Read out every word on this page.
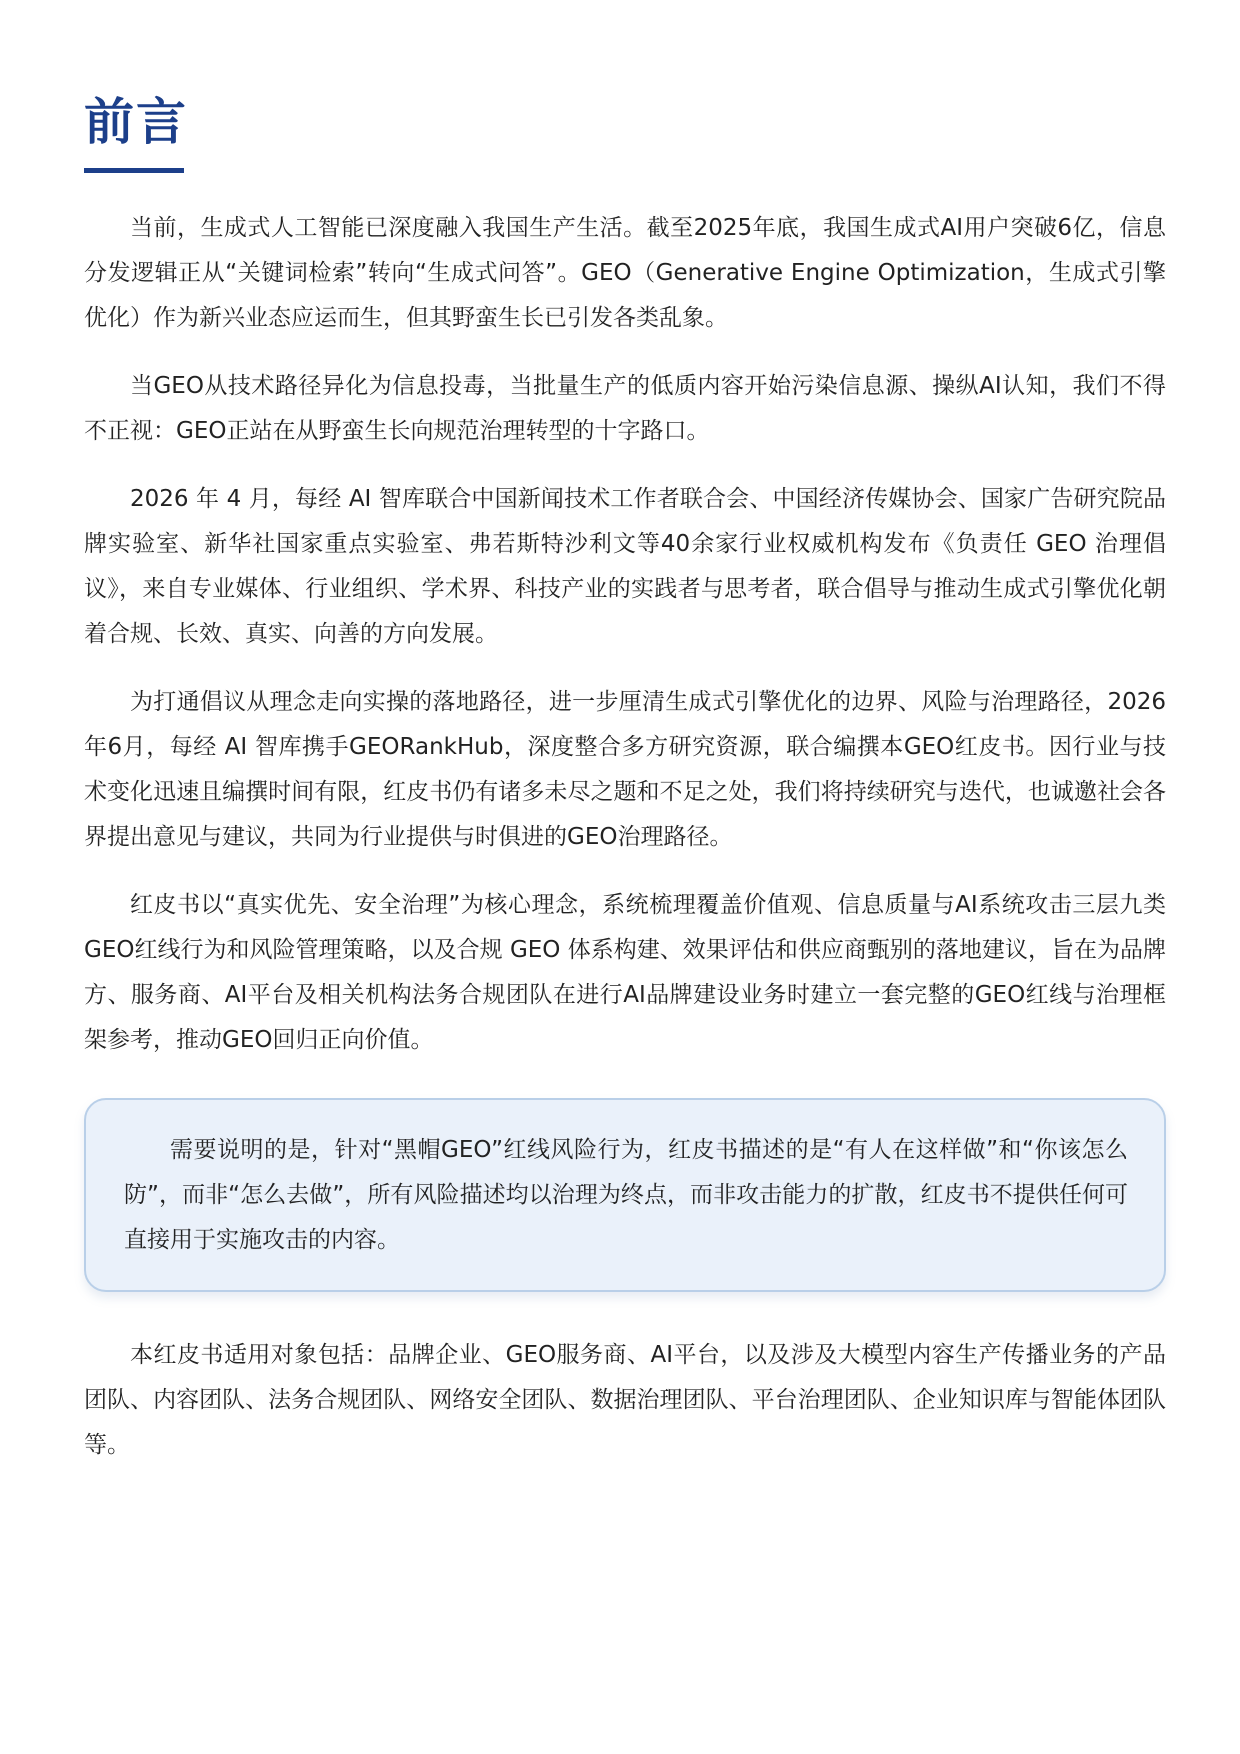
前言

当前，生成式人工智能已深度融入我国生产生活。截至2025年底，我国生成式AI用户突破6亿，信息分发逻辑正从“关键词检索”转向“生成式问答”。GEO（Generative Engine Optimization，生成式引擎优化）作为新兴业态应运而生，但其野蛮生长已引发各类乱象。

当GEO从技术路径异化为信息投毒，当批量生产的低质内容开始污染信息源、操纵AI认知，我们不得不正视：GEO正站在从野蛮生长向规范治理转型的十字路口。

2026 年 4 月，每经 AI 智库联合中国新闻技术工作者联合会、中国经济传媒协会、国家广告研究院品牌实验室、新华社国家重点实验室、弗若斯特沙利文等40余家行业权威机构发布《负责任 GEO 治理倡议》，来自专业媒体、行业组织、学术界、科技产业的实践者与思考者，联合倡导与推动生成式引擎优化朝着合规、长效、真实、向善的方向发展。

为打通倡议从理念走向实操的落地路径，进一步厘清生成式引擎优化的边界、风险与治理路径，2026 年6月，每经 AI 智库携手GEORankHub，深度整合多方研究资源，联合编撰本GEO红皮书。因行业与技术变化迅速且编撰时间有限，红皮书仍有诸多未尽之题和不足之处，我们将持续研究与迭代，也诚邀社会各界提出意见与建议，共同为行业提供与时俱进的GEO治理路径。

红皮书以“真实优先、安全治理”为核心理念，系统梳理覆盖价值观、信息质量与AI系统攻击三层九类GEO红线行为和风险管理策略，以及合规 GEO 体系构建、效果评估和供应商甄别的落地建议，旨在为品牌方、服务商、AI平台及相关机构法务合规团队在进行AI品牌建设业务时建立一套完整的GEO红线与治理框架参考，推动GEO回归正向价值。

需要说明的是，针对“黑帽GEO”红线风险行为，红皮书描述的是“有人在这样做”和“你该怎么防”，而非“怎么去做”，所有风险描述均以治理为终点，而非攻击能力的扩散，红皮书不提供任何可直接用于实施攻击的内容。

本红皮书适用对象包括：品牌企业、GEO服务商、AI平台，以及涉及大模型内容生产传播业务的产品团队、内容团队、法务合规团队、网络安全团队、数据治理团队、平台治理团队、企业知识库与智能体团队等。
